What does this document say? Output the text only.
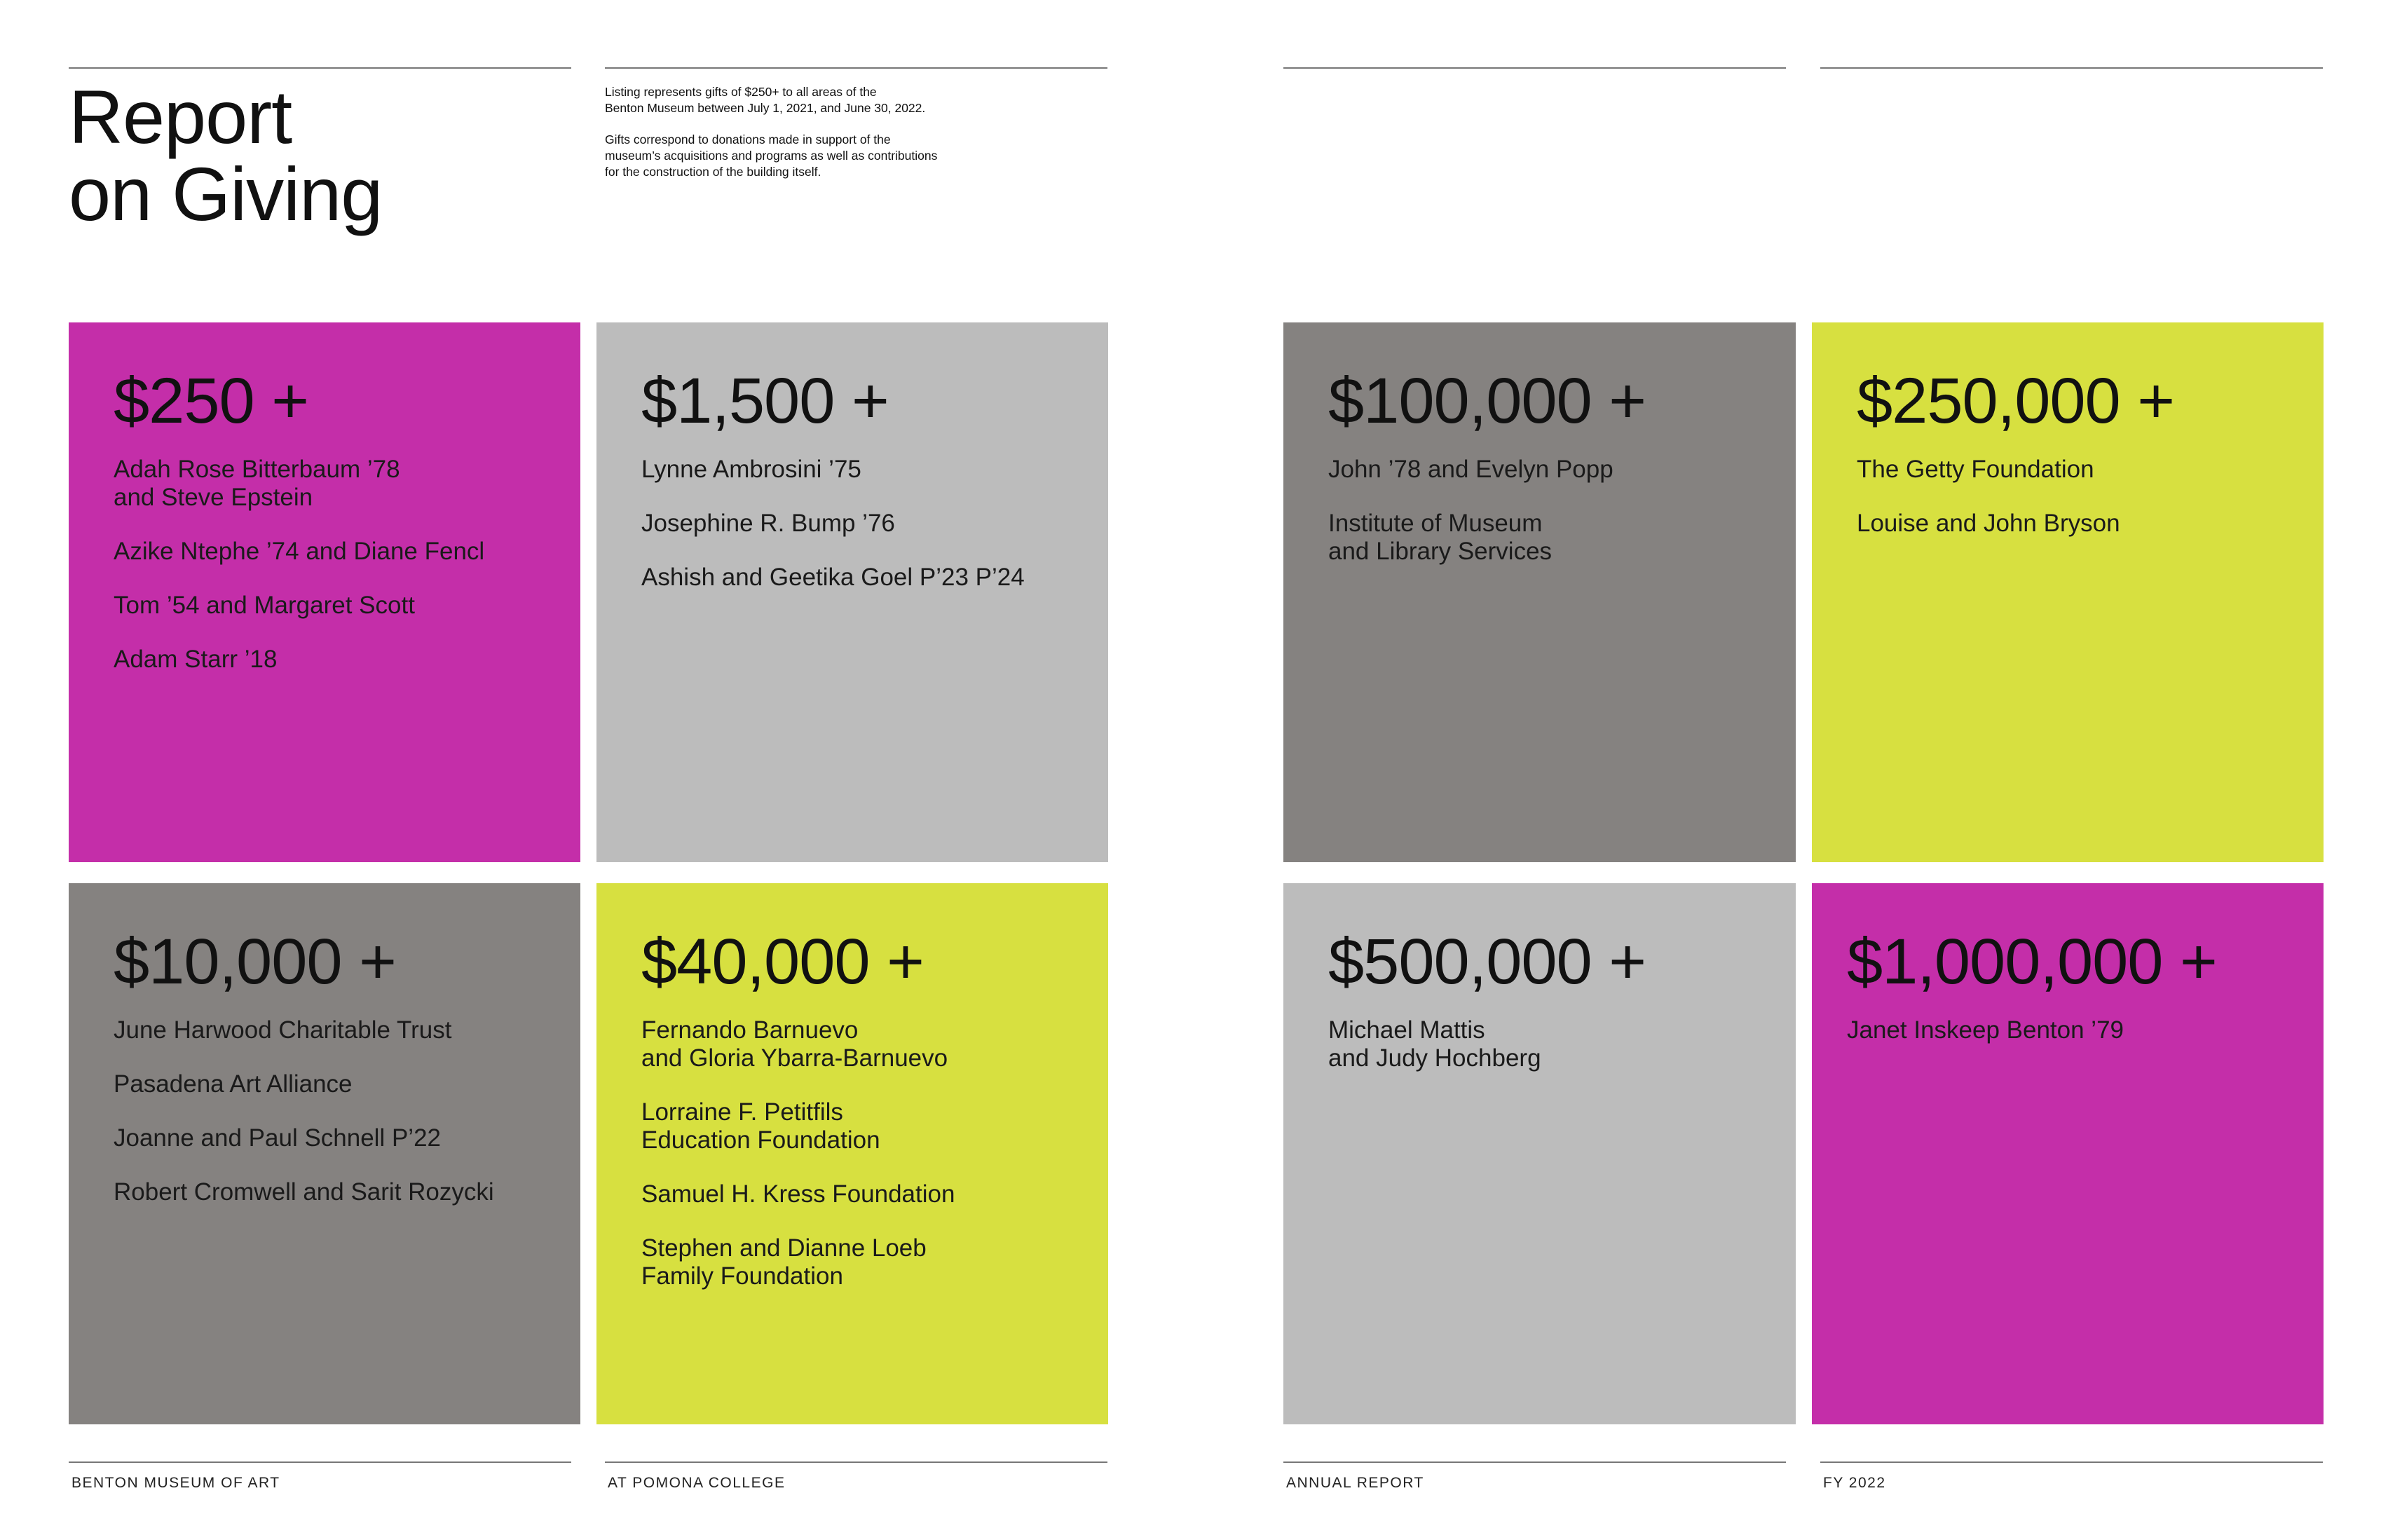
Report
on Giving

Listing represents gifts of $250+ to all areas of the
Benton Museum between July 1, 2021, and June 30, 2022.

Gifts correspond to donations made in support of the
museum’s acquisitions and programs as well as contributions
for the construction of the building itself.

$250 +
Adah Rose Bitterbaum ’78
and Steve Epstein
Azike Ntephe ’74 and Diane Fencl
Tom ’54 and Margaret Scott
Adam Starr ’18
$1,500 +
Lynne Ambrosini ’75
Josephine R. Bump ’76
Ashish and Geetika Goel P’23 P’24
$100,000 +
John ’78 and Evelyn Popp
Institute of Museum
and Library Services
$250,000 +
The Getty Foundation
Louise and John Bryson
$10,000 +
June Harwood Charitable Trust
Pasadena Art Alliance
Joanne and Paul Schnell P’22
Robert Cromwell and Sarit Rozycki
$40,000 +
Fernando Barnuevo
and Gloria Ybarra-Barnuevo
Lorraine F. Petitfils
Education Foundation
Samuel H. Kress Foundation
Stephen and Dianne Loeb
Family Foundation
$500,000 +
Michael Mattis
and Judy Hochberg
$1,000,000 +
Janet Inskeep Benton ’79
BENTON MUSEUM OF ART	AT POMONA COLLEGE	ANNUAL REPORT	FY 2022
